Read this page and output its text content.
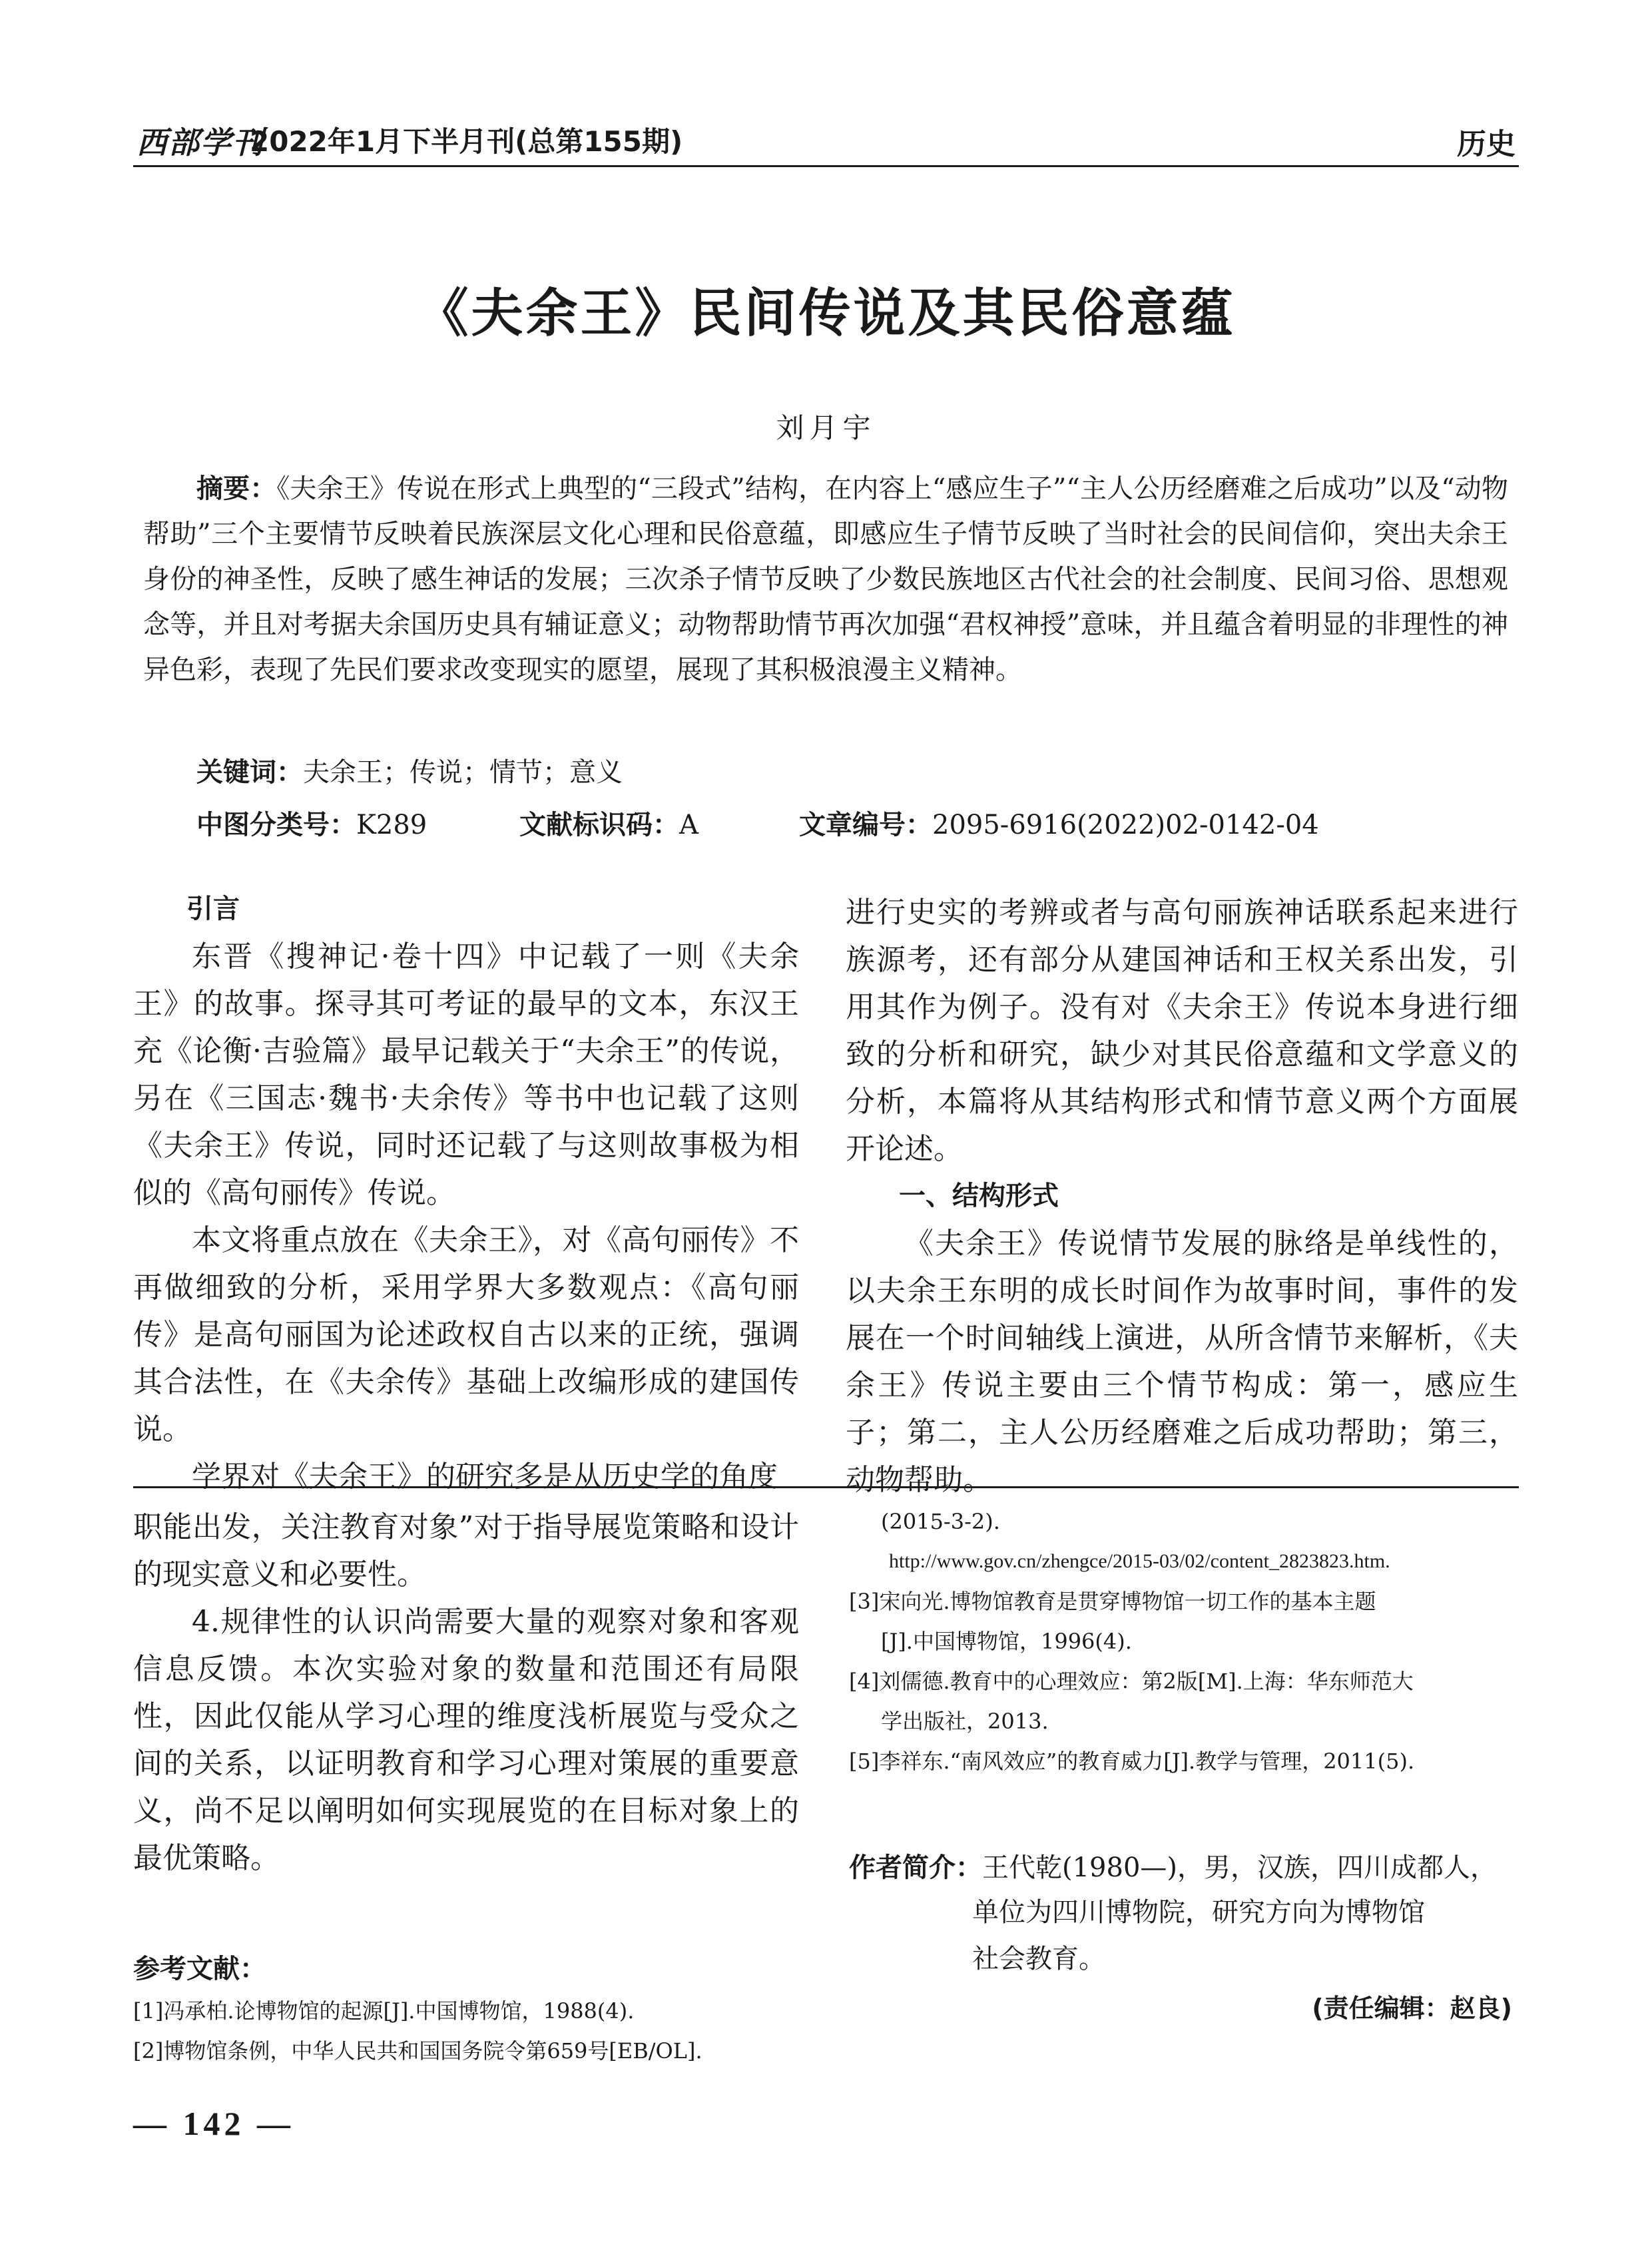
西部学刊
2022年1月下半月刊(总第155期)	历史
《夫余王》民间传说及其民俗意蕴
刘月宇
摘要：《夫余王》传说在形式上典型的“三段式”结构，在内容上“感应生子”“主人公历经磨难之后成功”以及“动物帮助”三个主要情节反映着民族深层文化心理和民俗意蕴，即感应生子情节反映了当时社会的民间信仰，突出夫余王身份的神圣性，反映了感生神话的发展；三次杀子情节反映了少数民族地区古代社会的社会制度、民间习俗、思想观念等，并且对考据夫余国历史具有辅证意义；动物帮助情节再次加强“君权神授”意味，并且蕴含着明显的非理性的神异色彩，表现了先民们要求改变现实的愿望，展现了其积极浪漫主义精神。
关键词：夫余王；传说；情节；意义
中图分类号：K289	文献标识码：A	文章编号：2095-6916(2022)02-0142-04
引言

东晋《搜神记·卷十四》中记载了一则《夫余王》的故事。探寻其可考证的最早的文本，东汉王充《论衡·吉验篇》最早记载关于“夫余王”的传说，另在《三国志·魏书·夫余传》等书中也记载了这则《夫余王》传说，同时还记载了与这则故事极为相似的《高句丽传》传说。

本文将重点放在《夫余王》，对《高句丽传》不再做细致的分析，采用学界大多数观点：《高句丽传》是高句丽国为论述政权自古以来的正统，强调其合法性，在《夫余传》基础上改编形成的建国传说。

学界对《夫余王》的研究多是从历史学的角度

进行史实的考辨或者与高句丽族神话联系起来进行族源考，还有部分从建国神话和王权关系出发，引用其作为例子。没有对《夫余王》传说本身进行细致的分析和研究，缺少对其民俗意蕴和文学意义的分析，本篇将从其结构形式和情节意义两个方面展开论述。

一、结构形式

《夫余王》传说情节发展的脉络是单线性的，以夫余王东明的成长时间作为故事时间，事件的发展在一个时间轴线上演进，从所含情节来解析，《夫余王》传说主要由三个情节构成：第一，感应生子；第二，主人公历经磨难之后成功帮助；第三，动物帮助。

职能出发，关注教育对象”对于指导展览策略和设计的现实意义和必要性。

4.规律性的认识尚需要大量的观察对象和客观信息反馈。本次实验对象的数量和范围还有局限性，因此仅能从学习心理的维度浅析展览与受众之间的关系，以证明教育和学习心理对策展的重要意义，尚不足以阐明如何实现展览的在目标对象上的最优策略。

参考文献：
[1]冯承柏.论博物馆的起源[J].中国博物馆，1988(4).
[2]博物馆条例，中华人民共和国国务院令第659号[EB/OL].
(2015-3-2).
http://www.gov.cn/zhengce/2015-03/02/content_2823823.htm.
[3]宋向光.博物馆教育是贯穿博物馆一切工作的基本主题
[J].中国博物馆，1996(4).
[4]刘儒德.教育中的心理效应：第2版[M].上海：华东师范大
学出版社，2013.
[5]李祥东.“南风效应”的教育威力[J].教学与管理，2011(5).
作者简介：王代乾(1980—)，男，汉族，四川成都人，
单位为四川博物院，研究方向为博物馆
社会教育。
(责任编辑：赵良)
— 142 —
